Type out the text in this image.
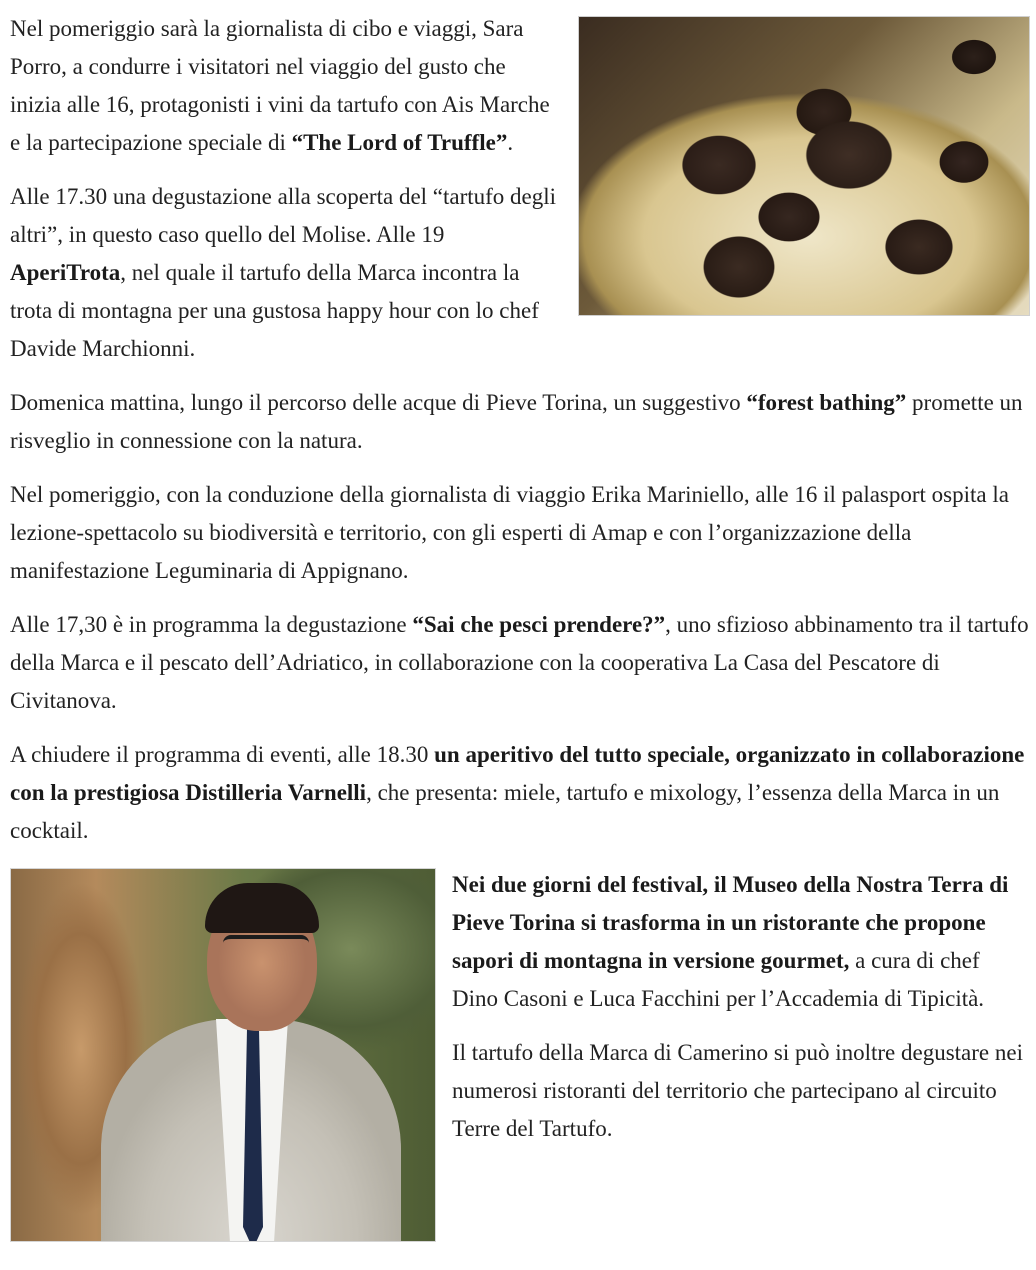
Nel pomeriggio sarà la giornalista di cibo e viaggi, Sara Porro, a condurre i visitatori nel viaggio del gusto che inizia alle 16, protagonisti i vini da tartufo con Ais Marche e la partecipazione speciale di “The Lord of Truffle”.

Alle 17.30 una degustazione alla scoperta del “tartufo degli altri”, in questo caso quello del Molise. Alle 19 AperiTrota, nel quale il tartufo della Marca incontra la trota di montagna per una gustosa happy hour con lo chef Davide Marchionni.

Domenica mattina, lungo il percorso delle acque di Pieve Torina, un suggestivo “forest bathing” promette un risveglio in connessione con la natura.

Nel pomeriggio, con la conduzione della giornalista di viaggio Erika Mariniello, alle 16 il palasport ospita la lezione-spettacolo su biodiversità e territorio, con gli esperti di Amap e con l’organizzazione della manifestazione Leguminaria di Appignano.

Alle 17,30 è in programma la degustazione “Sai che pesci prendere?”, uno sfizioso abbinamento tra il tartufo della Marca e il pescato dell’Adriatico, in collaborazione con la cooperativa La Casa del Pescatore di Civitanova.

A chiudere il programma di eventi, alle 18.30 un aperitivo del tutto speciale, organizzato in collaborazione con la prestigiosa Distilleria Varnelli, che presenta: miele, tartufo e mixology, l’essenza della Marca in un cocktail.

Nei due giorni del festival, il Museo della Nostra Terra di Pieve Torina si trasforma in un ristorante che propone sapori di montagna in versione gourmet, a cura di chef Dino Casoni e Luca Facchini per l’Accademia di Tipicità.

Il tartufo della Marca di Camerino si può inoltre degustare nei numerosi ristoranti del territorio che partecipano al circuito Terre del Tartufo.
